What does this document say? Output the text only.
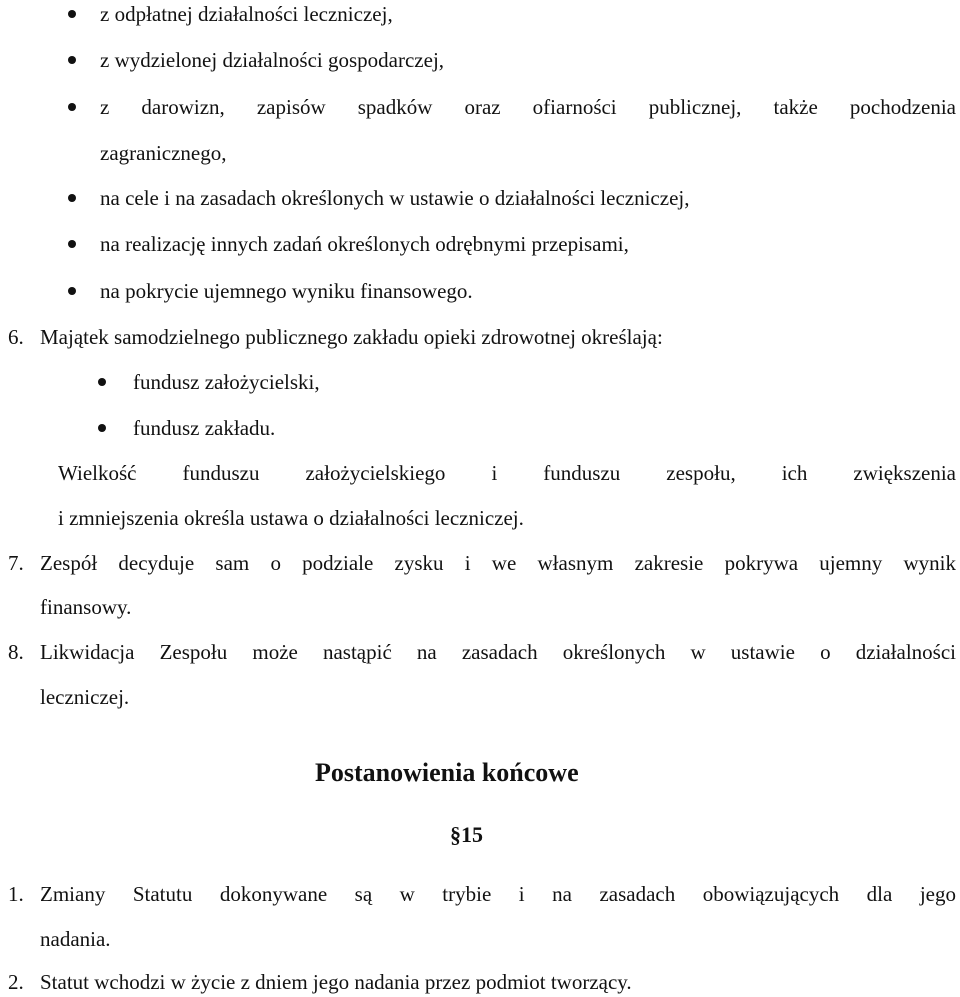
z odpłatnej działalności leczniczej,
z wydzielonej działalności gospodarczej,
z darowizn, zapisów spadków oraz ofiarności publicznej, także pochodzenia
zagranicznego,
na cele i na zasadach określonych w ustawie o działalności leczniczej,
na realizację innych zadań określonych odrębnymi przepisami,
na pokrycie ujemnego wyniku finansowego.
6. Majątek samodzielnego publicznego zakładu opieki zdrowotnej określają:
fundusz założycielski,
fundusz zakładu.
Wielkość funduszu założycielskiego i funduszu zespołu, ich zwiększenia
i zmniejszenia określa ustawa o działalności leczniczej.
7. Zespół decyduje sam o podziale zysku i we własnym zakresie pokrywa ujemny wynik
finansowy.
8. Likwidacja Zespołu może nastąpić na zasadach określonych w ustawie o działalności
leczniczej.
Postanowienia końcowe
§15
1. Zmiany Statutu dokonywane są w trybie i na zasadach obowiązujących dla jego
nadania.
2. Statut wchodzi w życie z dniem jego nadania przez podmiot tworzący.
